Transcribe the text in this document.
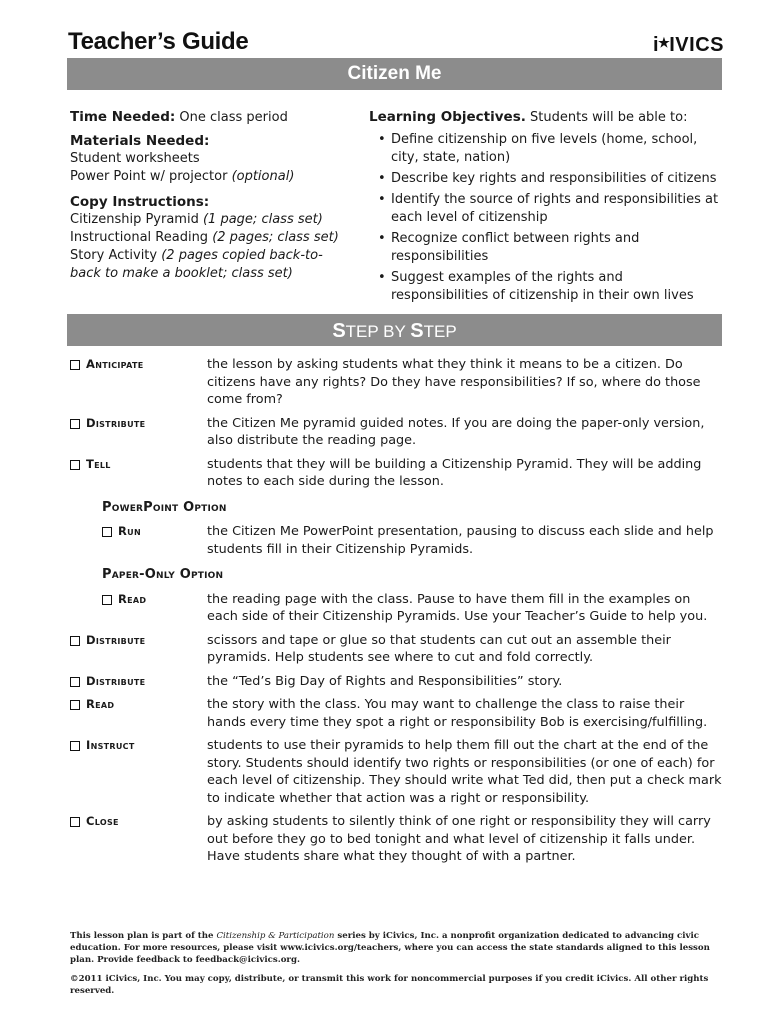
Teacher’s Guide	i★IVICS
Citizen Me
Time Needed: One class period
Materials Needed:
Student worksheets
Power Point w/ projector (optional)
Copy Instructions:
Citizenship Pyramid (1 page; class set)
Instructional Reading (2 pages; class set)
Story Activity (2 pages copied back-to-back to make a booklet; class set)
Learning Objectives. Students will be able to:
• Define citizenship on five levels (home, school, city, state, nation)
• Describe key rights and responsibilities of citizens
• Identify the source of rights and responsibilities at each level of citizenship
• Recognize conflict between rights and responsibilities
• Suggest examples of the rights and responsibilities of citizenship in their own lives
STEP BY STEP
Anticipate	the lesson by asking students what they think it means to be a citizen. Do citizens have any rights? Do they have responsibilities? If so, where do those come from?
Distribute	the Citizen Me pyramid guided notes. If you are doing the paper-only version, also distribute the reading page.
Tell	students that they will be building a Citizenship Pyramid. They will be adding notes to each side during the lesson.
PowerPoint Option
Run	the Citizen Me PowerPoint presentation, pausing to discuss each slide and help students fill in their Citizenship Pyramids.
Paper-Only Option
Read	the reading page with the class. Pause to have them fill in the examples on each side of their Citizenship Pyramids. Use your Teacher’s Guide to help you.
Distribute	scissors and tape or glue so that students can cut out an assemble their pyramids. Help students see where to cut and fold correctly.
Distribute	the “Ted’s Big Day of Rights and Responsibilities” story.
Read	the story with the class. You may want to challenge the class to raise their hands every time they spot a right or responsibility Bob is exercising/fulfilling.
Instruct	students to use their pyramids to help them fill out the chart at the end of the story. Students should identify two rights or responsibilities (or one of each) for each level of citizenship. They should write what Ted did, then put a check mark to indicate whether that action was a right or responsibility.
Close	by asking students to silently think of one right or responsibility they will carry out before they go to bed tonight and what level of citizenship it falls under. Have students share what they thought of with a partner.
This lesson plan is part of the Citizenship & Participation series by iCivics, Inc. a nonprofit organization dedicated to advancing civic education. For more resources, please visit www.icivics.org/teachers, where you can access the state standards aligned to this lesson plan. Provide feedback to feedback@icivics.org.
©2011 iCivics, Inc. You may copy, distribute, or transmit this work for noncommercial purposes if you credit iCivics. All other rights reserved.
